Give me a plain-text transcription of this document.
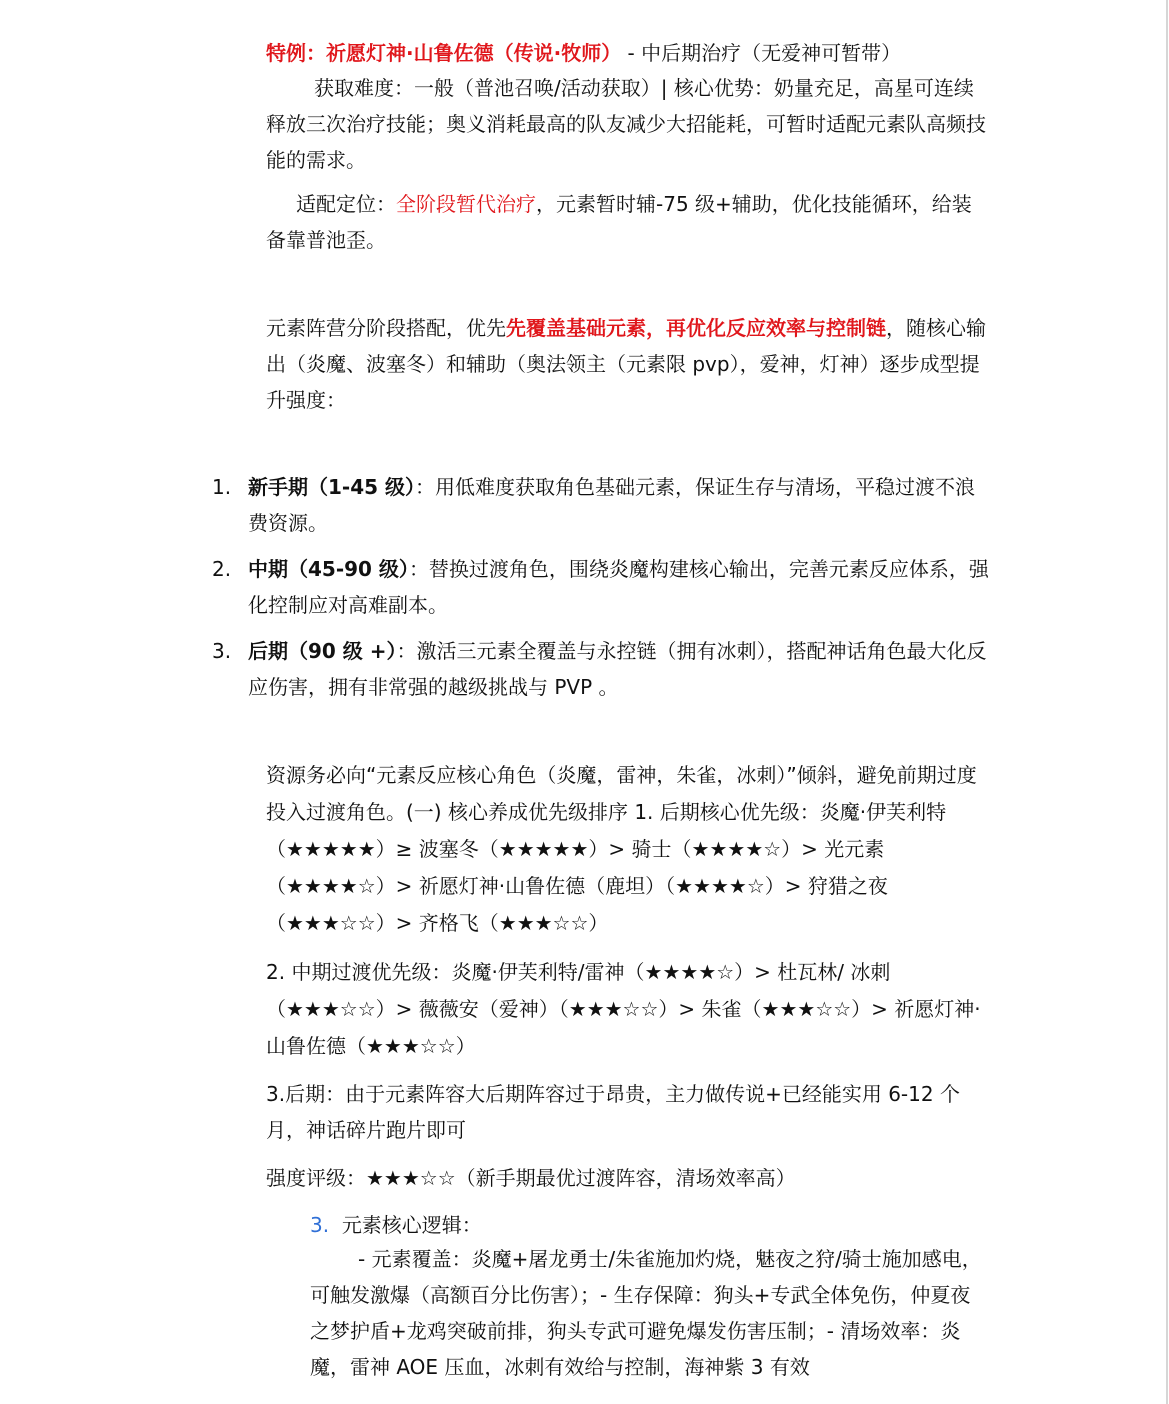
特例：祈愿灯神·山鲁佐德（传说·牧师） - 中后期治疗（无爱神可暂带）

获取难度：一般（普池召唤/活动获取）| 核心优势：奶量充足，高星可连续释放三次治疗技能；奥义消耗最高的队友减少大招能耗，可暂时适配元素队高频技能的需求。

适配定位：全阶段暂代治疗，元素暂时辅-75 级+辅助，优化技能循环，给装备靠普池歪。

元素阵营分阶段搭配，优先先覆盖基础元素，再优化反应效率与控制链，随核心输出（炎魔、波塞冬）和辅助（奥法领主（元素限 pvp），爱神，灯神）逐步成型提升强度：

1. 新手期（1-45 级）：用低难度获取角色基础元素，保证生存与清场，平稳过渡不浪费资源。

2. 中期（45-90 级）：替换过渡角色，围绕炎魔构建核心输出，完善元素反应体系，强化控制应对高难副本。

3. 后期（90 级 +）：激活三元素全覆盖与永控链（拥有冰刺），搭配神话角色最大化反应伤害，拥有非常强的越级挑战与 PVP 。

资源务必向“元素反应核心角色（炎魔，雷神，朱雀，冰刺）”倾斜，避免前期过度投入过渡角色。(一) 核心养成优先级排序 1. 后期核心优先级：炎魔·伊芙利特（★★★★★）≥ 波塞冬（★★★★★）> 骑士（★★★★☆）> 光元素（★★★★☆）> 祈愿灯神·山鲁佐德（鹿坦）（★★★★☆）> 狩猎之夜（★★★☆☆）> 齐格飞（★★★☆☆）

2. 中期过渡优先级：炎魔·伊芙利特/雷神（★★★★☆）> 杜瓦林/ 冰刺（★★★☆☆）> 薇薇安（爱神）（★★★☆☆）> 朱雀（★★★☆☆）> 祈愿灯神·山鲁佐德（★★★☆☆）

3.后期：由于元素阵容大后期阵容过于昂贵，主力做传说+已经能实用 6-12 个月，神话碎片跑片即可

强度评级：★★★☆☆（新手期最优过渡阵容，清场效率高）

3. 元素核心逻辑：

- 元素覆盖：炎魔+屠龙勇士/朱雀施加灼烧，魅夜之狩/骑士施加感电，可触发激爆（高额百分比伤害）；- 生存保障：狗头+专武全体免伤，仲夏夜之梦护盾+龙鸡突破前排，狗头专武可避免爆发伤害压制；- 清场效率：炎魔，雷神 AOE 压血，冰刺有效给与控制，海神紫 3 有效
